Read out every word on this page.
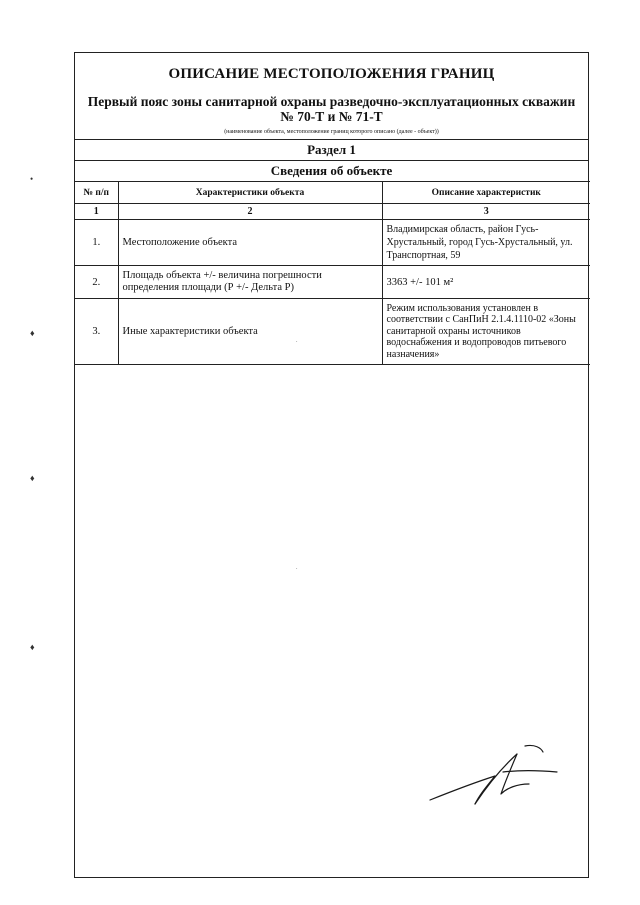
ОПИСАНИЕ МЕСТОПОЛОЖЕНИЯ ГРАНИЦ
Первый пояс зоны санитарной охраны разведочно-эксплуатационных скважин
№ 70-Т и № 71-Т
(наименование объекта, местоположение границ которого описано (далее - объект))
Раздел 1
Сведения об объекте
№ п/п	Характеристики объекта	Описание характеристик
1	2	3
1.	Местоположение объекта	Владимирская область, район Гусь-Хрустальный, город Гусь-Хрустальный, ул. Транспортная, 59
2.	Площадь объекта +/- величина погрешности определения площади (Р +/- Дельта Р)	3363 +/- 101 м²
3.	Иные характеристики объекта	Режим использования установлен в соответствии с СанПиН 2.1.4.1110-02 «Зоны санитарной охраны источников водоснабжения и водопроводов питьевого назначения»
•
♦
♦
♦
.
.
